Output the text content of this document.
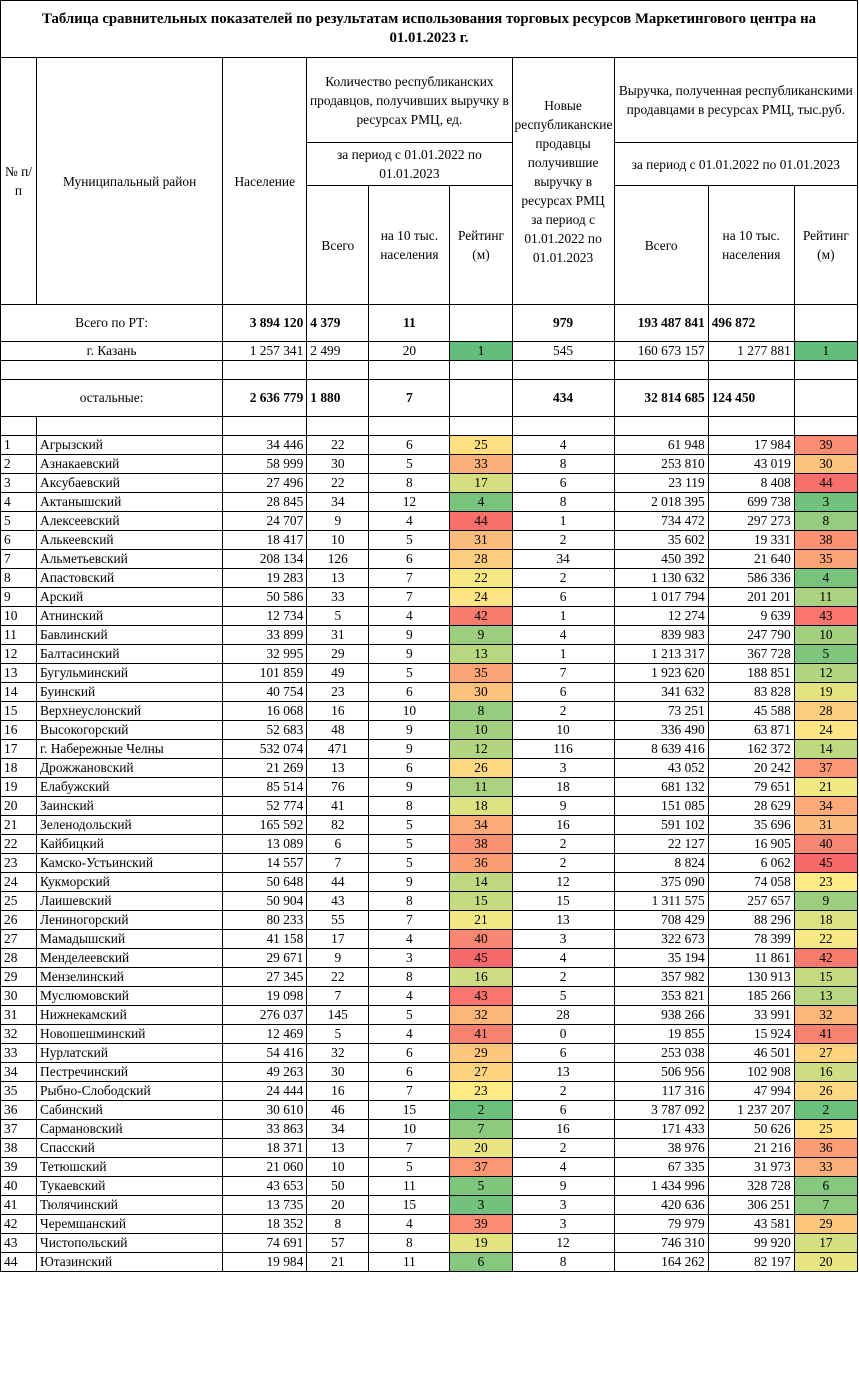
Таблица сравнительных показателей по результатам использования торговых ресурсов Маркетингового центра на 01.01.2023 г.									
№ п/п	Муниципальный район	Население	Количество республиканских продавцов, получивших выручку в ресурсах РМЦ, ед.			Новые республиканские продавцы получившие выручку в ресурсах РМЦ за период с 01.01.2022 по 01.01.2023	Выручка, полученная республиканскими продавцами в ресурсах РМЦ, тыс.руб.		
			за период с 01.01.2022 по 01.01.2023				за период с 01.01.2022 по 01.01.2023		
			Всего	на 10 тыс. населения	Рейтинг (м)		Всего	на 10 тыс. населения	Рейтинг (м)
Всего по РТ:		3 894 120	4 379	11		979	193 487 841	496 872	
г. Казань		1 257 341	2 499	20	1	545	160 673 157	1 277 881	1

остальные:		2 636 779	1 880	7		434	32 814 685	124 450	

1	Агрызский	34 446	22	6	25	4	61 948	17 984	39
2	Азнакаевский	58 999	30	5	33	8	253 810	43 019	30
3	Аксубаевский	27 496	22	8	17	6	23 119	8 408	44
4	Актанышский	28 845	34	12	4	8	2 018 395	699 738	3
5	Алексеевский	24 707	9	4	44	1	734 472	297 273	8
6	Алькеевский	18 417	10	5	31	2	35 602	19 331	38
7	Альметьевский	208 134	126	6	28	34	450 392	21 640	35
8	Апастовский	19 283	13	7	22	2	1 130 632	586 336	4
9	Арский	50 586	33	7	24	6	1 017 794	201 201	11
10	Атнинский	12 734	5	4	42	1	12 274	9 639	43
11	Бавлинский	33 899	31	9	9	4	839 983	247 790	10
12	Балтасинский	32 995	29	9	13	1	1 213 317	367 728	5
13	Бугульминский	101 859	49	5	35	7	1 923 620	188 851	12
14	Буинский	40 754	23	6	30	6	341 632	83 828	19
15	Верхнеуслонский	16 068	16	10	8	2	73 251	45 588	28
16	Высокогорский	52 683	48	9	10	10	336 490	63 871	24
17	г. Набережные Челны	532 074	471	9	12	116	8 639 416	162 372	14
18	Дрожжановский	21 269	13	6	26	3	43 052	20 242	37
19	Елабужский	85 514	76	9	11	18	681 132	79 651	21
20	Заинский	52 774	41	8	18	9	151 085	28 629	34
21	Зеленодольский	165 592	82	5	34	16	591 102	35 696	31
22	Кайбицкий	13 089	6	5	38	2	22 127	16 905	40
23	Камско-Устьинский	14 557	7	5	36	2	8 824	6 062	45
24	Кукморский	50 648	44	9	14	12	375 090	74 058	23
25	Лаишевский	50 904	43	8	15	15	1 311 575	257 657	9
26	Лениногорский	80 233	55	7	21	13	708 429	88 296	18
27	Мамадышский	41 158	17	4	40	3	322 673	78 399	22
28	Менделеевский	29 671	9	3	45	4	35 194	11 861	42
29	Мензелинский	27 345	22	8	16	2	357 982	130 913	15
30	Муслюмовский	19 098	7	4	43	5	353 821	185 266	13
31	Нижнекамский	276 037	145	5	32	28	938 266	33 991	32
32	Новошешминский	12 469	5	4	41	0	19 855	15 924	41
33	Нурлатский	54 416	32	6	29	6	253 038	46 501	27
34	Пестречинский	49 263	30	6	27	13	506 956	102 908	16
35	Рыбно-Слободский	24 444	16	7	23	2	117 316	47 994	26
36	Сабинский	30 610	46	15	2	6	3 787 092	1 237 207	2
37	Сармановский	33 863	34	10	7	16	171 433	50 626	25
38	Спасский	18 371	13	7	20	2	38 976	21 216	36
39	Тетюшский	21 060	10	5	37	4	67 335	31 973	33
40	Тукаевский	43 653	50	11	5	9	1 434 996	328 728	6
41	Тюлячинский	13 735	20	15	3	3	420 636	306 251	7
42	Черемшанский	18 352	8	4	39	3	79 979	43 581	29
43	Чистопольский	74 691	57	8	19	12	746 310	99 920	17
44	Ютазинский	19 984	21	11	6	8	164 262	82 197	20
